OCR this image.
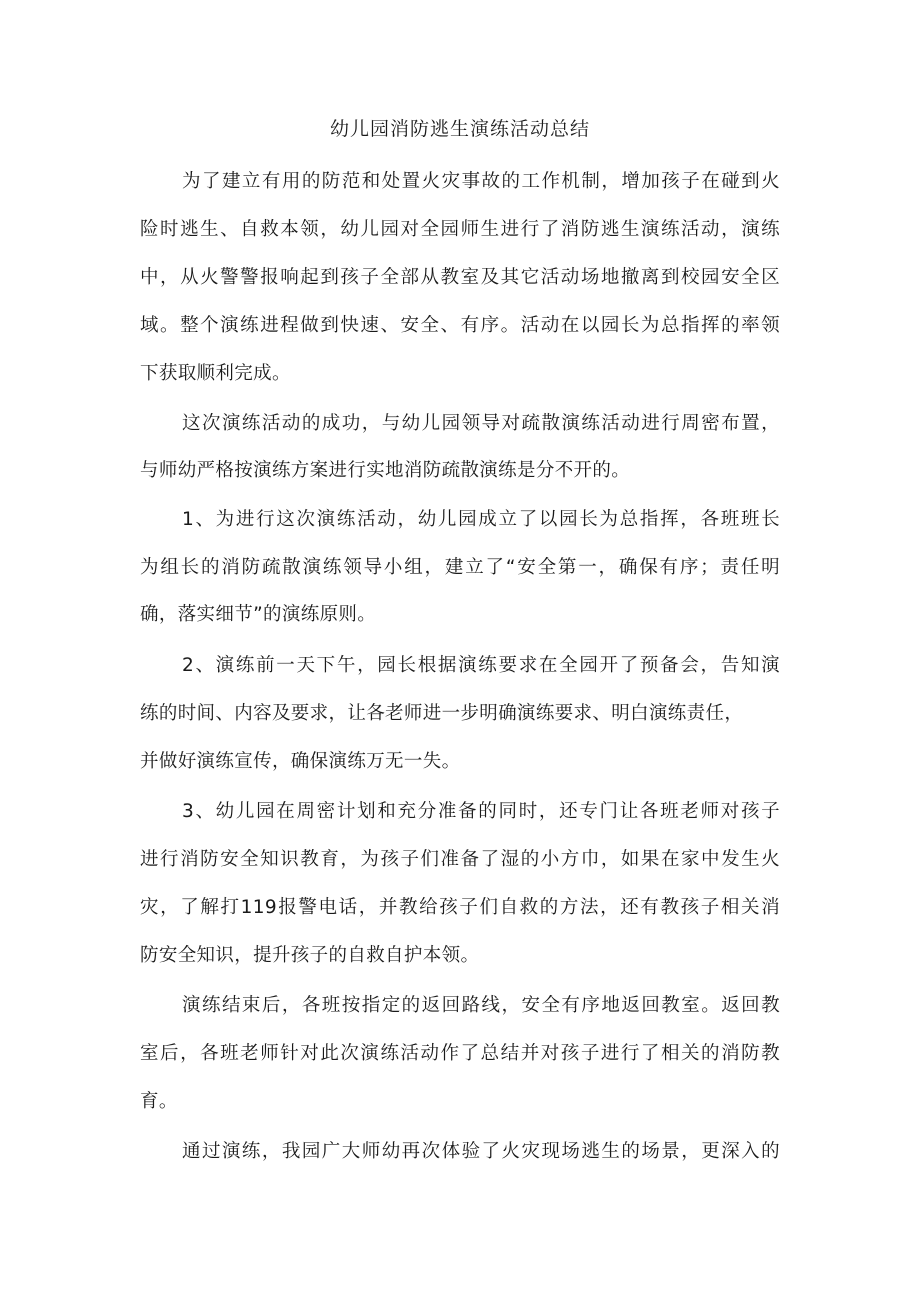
幼儿园消防逃生演练活动总结
为了建立有用的防范和处置火灾事故的工作机制，增加孩子在碰到火
险时逃生、自救本领，幼儿园对全园师生进行了消防逃生演练活动，演练
中，从火警警报响起到孩子全部从教室及其它活动场地撤离到校园安全区
域。整个演练进程做到快速、安全、有序。活动在以园长为总指挥的率领
下获取顺利完成。
这次演练活动的成功，与幼儿园领导对疏散演练活动进行周密布置，
与师幼严格按演练方案进行实地消防疏散演练是分不开的。
1、为进行这次演练活动，幼儿园成立了以园长为总指挥，各班班长
为组长的消防疏散演练领导小组，建立了“安全第一，确保有序；责任明
确，落实细节”的演练原则。
2、演练前一天下午，园长根据演练要求在全园开了预备会，告知演
练的时间、内容及要求，让各老师进一步明确演练要求、明白演练责任，
并做好演练宣传，确保演练万无一失。
3、幼儿园在周密计划和充分准备的同时，还专门让各班老师对孩子
进行消防安全知识教育，为孩子们准备了湿的小方巾，如果在家中发生火
灾，了解打119报警电话，并教给孩子们自救的方法，还有教孩子相关消
防安全知识，提升孩子的自救自护本领。
演练结束后，各班按指定的返回路线，安全有序地返回教室。返回教
室后，各班老师针对此次演练活动作了总结并对孩子进行了相关的消防教
育。
通过演练，我园广大师幼再次体验了火灾现场逃生的场景，更深入的
